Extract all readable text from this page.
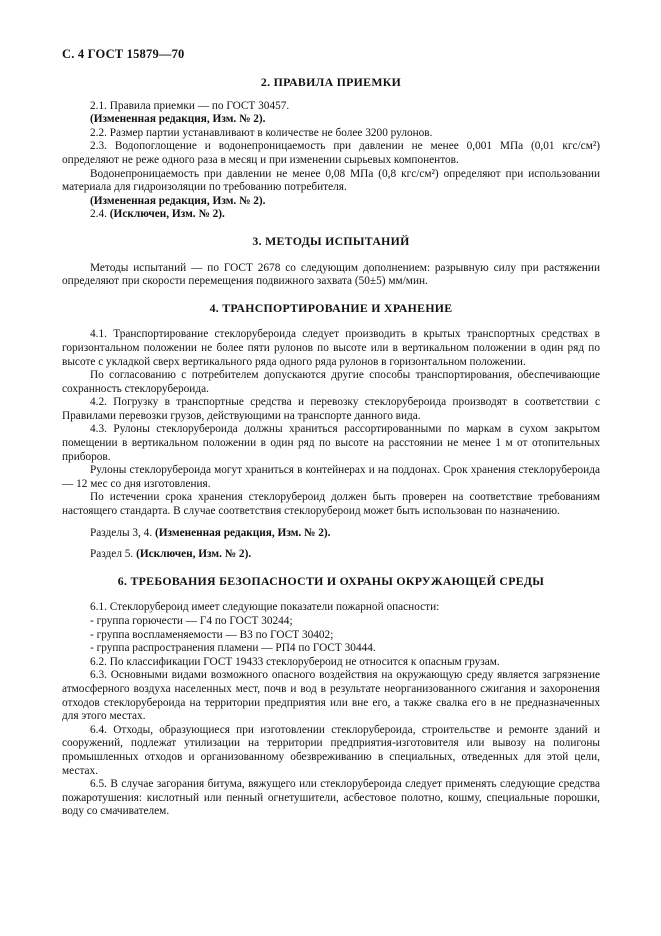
С. 4 ГОСТ 15879—70
2. ПРАВИЛА ПРИЕМКИ

2.1. Правила приемки — по ГОСТ 30457.

(Измененная редакция, Изм. № 2).

2.2. Размер партии устанавливают в количестве не более 3200 рулонов.

2.3. Водопоглощение и водонепроницаемость при давлении не менее 0,001 МПа (0,01 кгс/см²) определяют не реже одного раза в месяц и при изменении сырьевых компонентов.

Водонепроницаемость при давлении не менее 0,08 МПа (0,8 кгс/см²) определяют при использовании материала для гидроизоляции по требованию потребителя.

(Измененная редакция, Изм. № 2).

2.4. (Исключен, Изм. № 2).

3. МЕТОДЫ ИСПЫТАНИЙ

Методы испытаний — по ГОСТ 2678 со следующим дополнением: разрывную силу при растяжении определяют при скорости перемещения подвижного захвата (50±5) мм/мин.

4. ТРАНСПОРТИРОВАНИЕ И ХРАНЕНИЕ

4.1. Транспортирование стеклорубероида следует производить в крытых транспортных средствах в горизонтальном положении не более пяти рулонов по высоте или в вертикальном положении в один ряд по высоте с укладкой сверх вертикального ряда одного ряда рулонов в горизонтальном положении.

По согласованию с потребителем допускаются другие способы транспортирования, обеспечивающие сохранность стеклорубероида.

4.2. Погрузку в транспортные средства и перевозку стеклорубероида производят в соответствии с Правилами перевозки грузов, действующими на транспорте данного вида.

4.3. Рулоны стеклорубероида должны храниться рассортированными по маркам в сухом закрытом помещении в вертикальном положении в один ряд по высоте на расстоянии не менее 1 м от отопительных приборов.

Рулоны стеклорубероида могут храниться в контейнерах и на поддонах. Срок хранения стеклорубероида — 12 мес со дня изготовления.

По истечении срока хранения стеклорубероид должен быть проверен на соответствие требованиям настоящего стандарта. В случае соответствия стеклорубероид может быть использован по назначению.

Разделы 3, 4. (Измененная редакция, Изм. № 2).

Раздел 5. (Исключен, Изм. № 2).

6. ТРЕБОВАНИЯ БЕЗОПАСНОСТИ И ОХРАНЫ ОКРУЖАЮЩЕЙ СРЕДЫ

6.1. Стеклорубероид имеет следующие показатели пожарной опасности:

- группа горючести — Г4 по ГОСТ 30244;

- группа воспламеняемости — В3 по ГОСТ 30402;

- группа распространения пламени — РП4 по ГОСТ 30444.

6.2. По классификации ГОСТ 19433 стеклорубероид не относится к опасным грузам.

6.3. Основными видами возможного опасного воздействия на окружающую среду является загрязнение атмосферного воздуха населенных мест, почв и вод в результате неорганизованного сжигания и захоронения отходов стеклорубероида на территории предприятия или вне его, а также свалка его в не предназначенных для этого местах.

6.4. Отходы, образующиеся при изготовлении стеклорубероида, строительстве и ремонте зданий и сооружений, подлежат утилизации на территории предприятия-изготовителя или вывозу на полигоны промышленных отходов и организованному обезвреживанию в специальных, отведенных для этой цели, местах.

6.5. В случае загорания битума, вяжущего или стеклорубероида следует применять следующие средства пожаротушения: кислотный или пенный огнетушители, асбестовое полотно, кошму, специальные порошки, воду со смачивателем.
